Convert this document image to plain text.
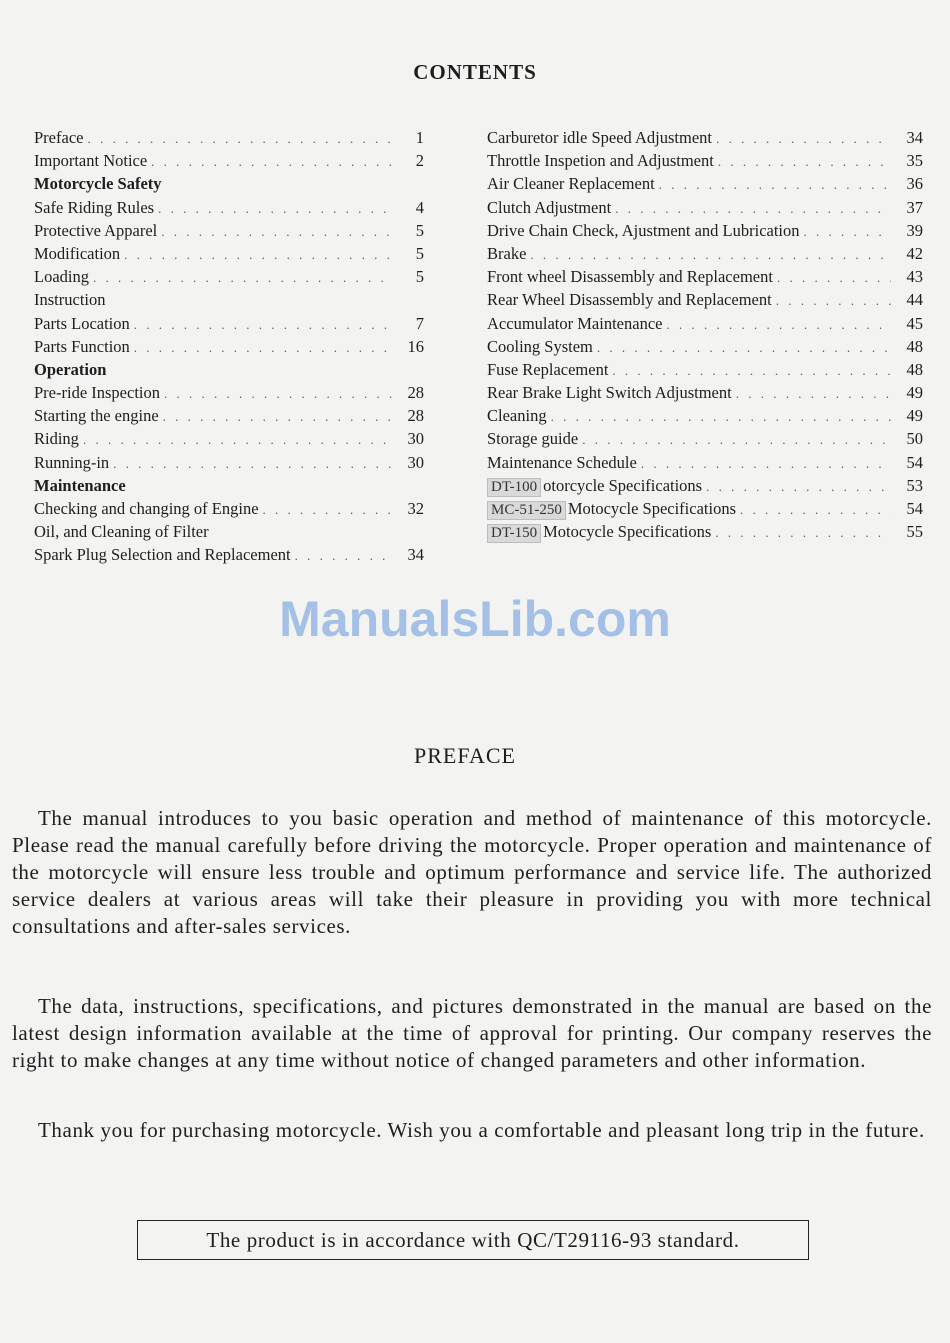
CONTENTS
Preface . . .	1
Important Notice . . .	2
Motorcycle Safety
Safe Riding Rules . . .	4
Protective Apparel . . .	5
Modification . . .	5
Loading . . .	5
Instruction
Parts Location . . .	7
Parts Function . . .	16
Operation
Pre-ride Inspection . . .	28
Starting the engine . . .	28
Riding . . .	30
Running-in . . .	30
Maintenance
Checking and changing of Engine . . .	32
Oil, and Cleaning of Filter
Spark Plug Selection and Replacement . . .	34
Carburetor idle Speed Adjustment . . .	34
Throttle Inspetion and Adjustment . . .	35
Air Cleaner Replacement . . .	36
Clutch Adjustment . . .	37
Drive Chain Check, Ajustment and Lubrication . . .	39
Brake . . .	42
Front wheel Disassembly and Replacement . . .	43
Rear Wheel Disassembly and Replacement . . .	44
Accumulator Maintenance . . .	45
Cooling System . . .	48
Fuse Replacement . . .	48
Rear Brake Light Switch Adjustment . . .	49
Cleaning . . .	49
Storage guide . . .	50
Maintenance Schedule . . .	54
DT-100 otorcycle Specifications . . .	53
MC-51-250 Motocycle Specifications . . .	54
DT-150 Motocycle Specifications . . .	55
ManualsLib.com
PREFACE

The manual introduces to you basic operation and method of maintenance of this motorcycle. Please read the manual carefully before driving the motorcycle. Proper operation and maintenance of the motorcycle will ensure less trouble and optimum performance and service life. The authorized service dealers at various areas will take their pleasure in providing you with more technical consultations and after-sales services.

The data, instructions, specifications, and pictures demonstrated in the manual are based on the latest design information available at the time of approval for printing. Our company reserves the right to make changes at any time without notice of changed parameters and other information.

Thank you for purchasing motorcycle. Wish you a comfortable and pleasant long trip in the future.

The product is in accordance with QC/T29116-93 standard.
